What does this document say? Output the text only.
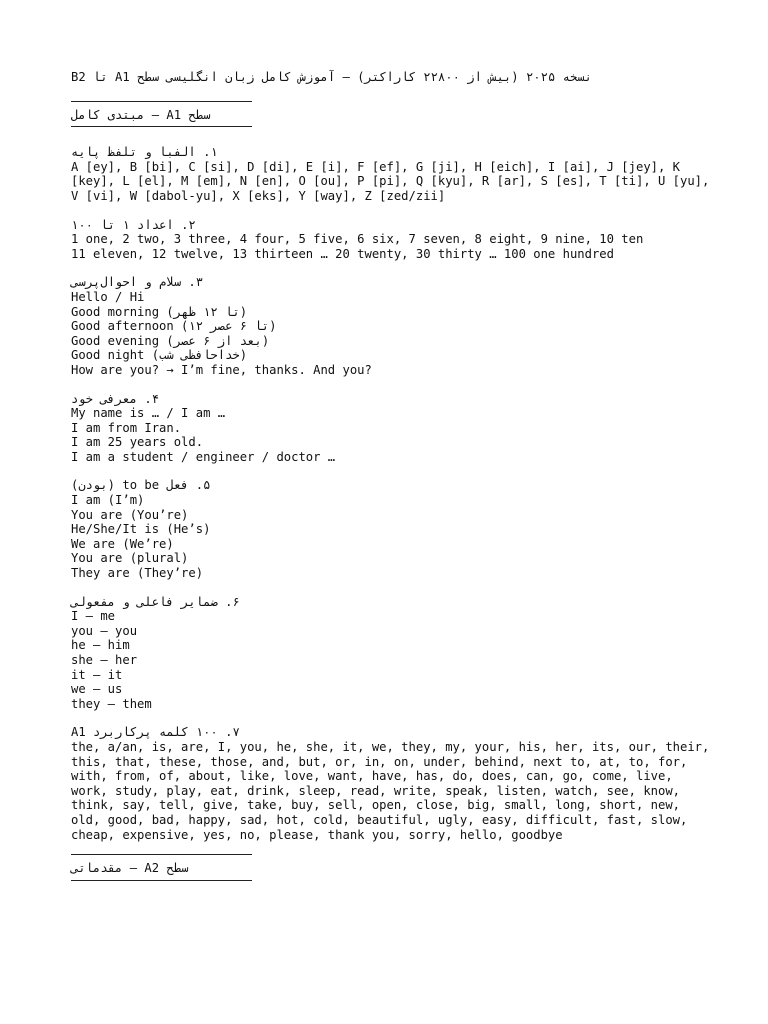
نسخه ۲۰۲۵ (بیش از ۲۲۸۰۰ کاراکتر) – آموزش کامل زبان انگلیسی سطح A1 تا B2
سطح A1 – مبتدی کامل
۱. الفبا و تلفظ پایه
A [ey], B [bi], C [si], D [di], E [i], F [ef], G [ji], H [eich], I [ai], J [jey], K [key], L [el], M [em], N [en], O [ou], P [pi], Q [kyu], R [ar], S [es], T [ti], U [yu], V [vi], W [dabol-yu], X [eks], Y [way], Z [zed/zii]
۲. اعداد ۱ تا ۱۰۰
1 one, 2 two, 3 three, 4 four, 5 five, 6 six, 7 seven, 8 eight, 9 nine, 10 ten
11 eleven, 12 twelve, 13 thirteen … 20 twenty, 30 thirty … 100 one hundred
۳. سلام و احوال‌پرسی
Hello / Hi
Good morning (تا ۱۲ ظهر)
Good afternoon (۱۲ تا ۶ عصر)
Good evening (بعد از ۶ عصر)
Good night (خداحافظی شب)
How are you? → I’m fine, thanks. And you?
۴. معرفی خود
My name is … / I am …
I am from Iran.
I am 25 years old.
I am a student / engineer / doctor …
۵. فعل to be (بودن)
I am (I’m)
You are (You’re)
He/She/It is (He’s)
We are (We’re)
You are (plural)
They are (They’re)
۶. ضمایر فاعلی و مفعولی
I – me
you – you
he – him
she – her
it – it
we – us
they – them
۷. ۱۰۰ کلمه پرکاربرد A1
the, a/an, is, are, I, you, he, she, it, we, they, my, your, his, her, its, our, their, this, that, these, those, and, but, or, in, on, under, behind, next to, at, to, for, with, from, of, about, like, love, want, have, has, do, does, can, go, come, live, work, study, play, eat, drink, sleep, read, write, speak, listen, watch, see, know, think, say, tell, give, take, buy, sell, open, close, big, small, long, short, new, old, good, bad, happy, sad, hot, cold, beautiful, ugly, easy, difficult, fast, slow, cheap, expensive, yes, no, please, thank you, sorry, hello, goodbye
سطح A2 – مقدماتی
